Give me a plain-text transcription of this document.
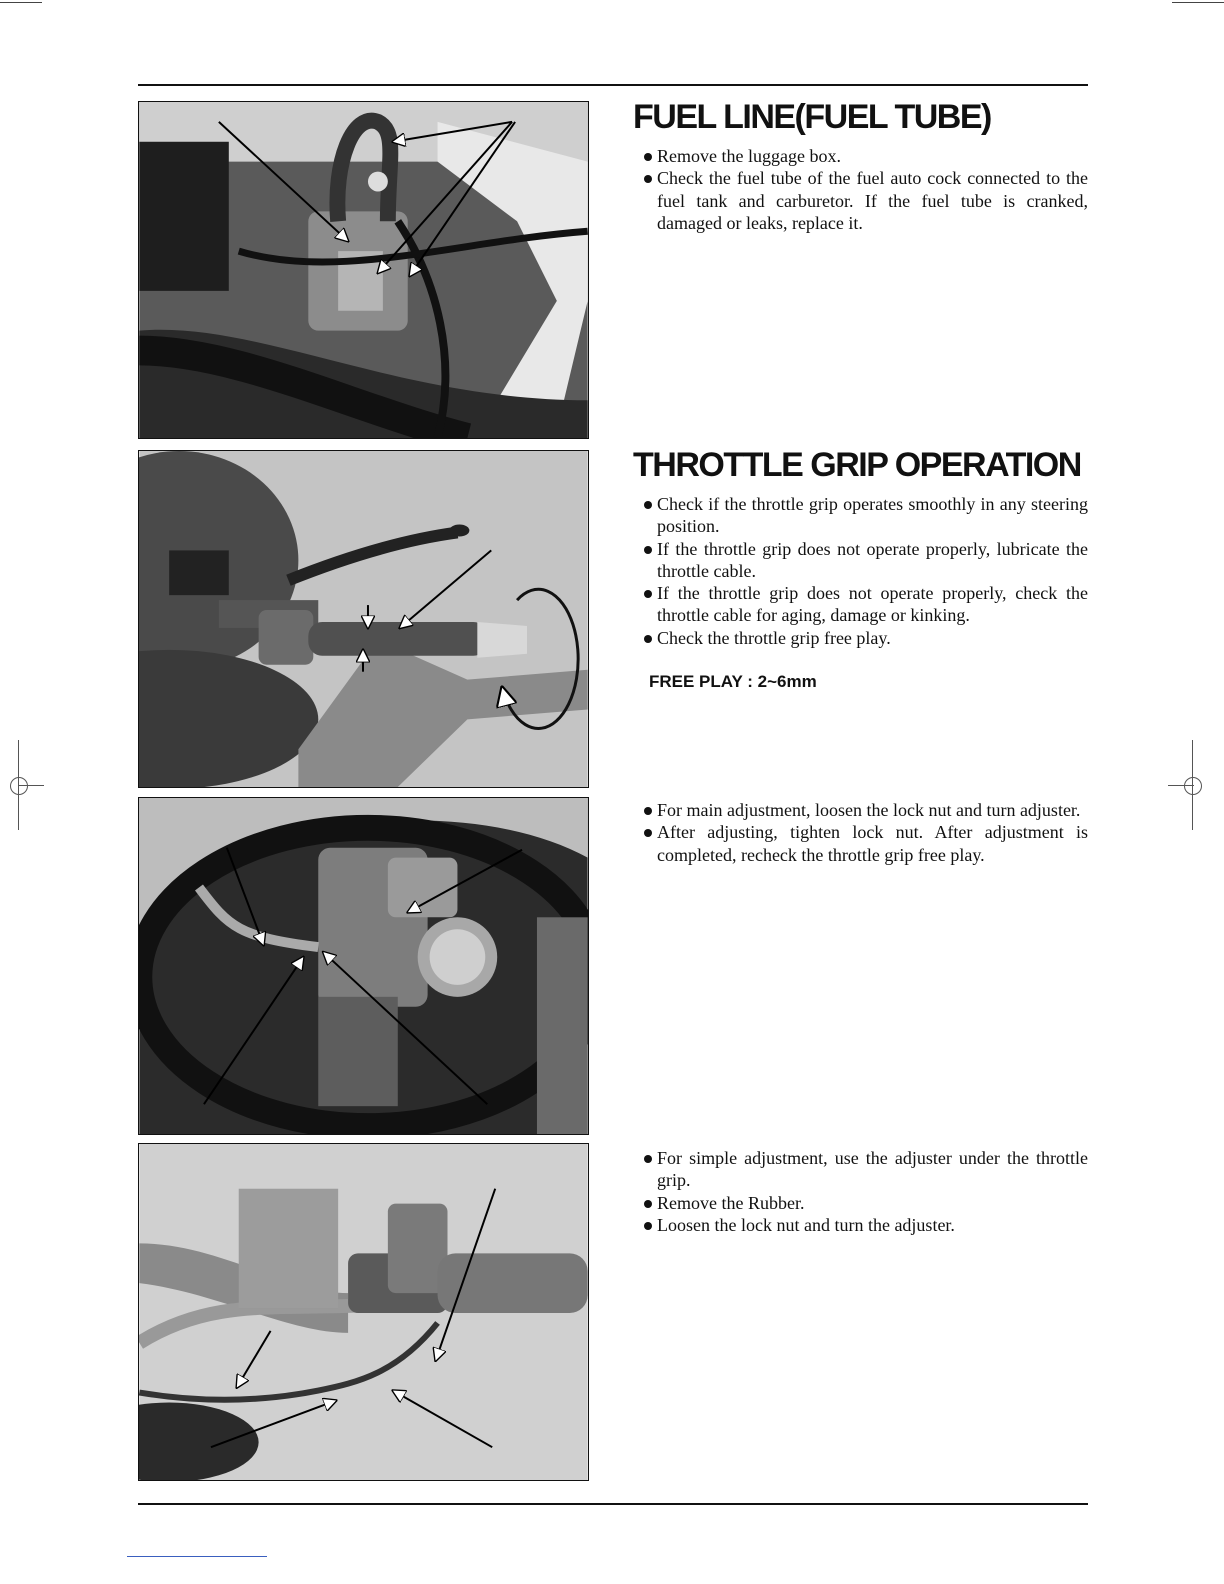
FUEL LINE(FUEL TUBE)
Remove the luggage box.
Check the fuel tube of the fuel auto cock connected to the fuel tank and carburetor. If the fuel tube is cranked, damaged or leaks, replace it.
THROTTLE GRIP OPERATION
Check if the throttle grip operates smoothly in any steering position.
If the throttle grip does not operate properly, lubricate the throttle cable.
If the throttle grip does not operate properly, check the throttle cable for aging, damage or kinking.
Check the throttle grip free play.
FREE PLAY : 2~6mm
For main adjustment, loosen the lock nut and turn adjuster.
After adjusting, tighten lock nut. After adjustment is completed, recheck the throttle grip free play.
For simple adjustment, use the adjuster under the throttle grip.
Remove the Rubber.
Loosen the lock nut and turn the adjuster.
